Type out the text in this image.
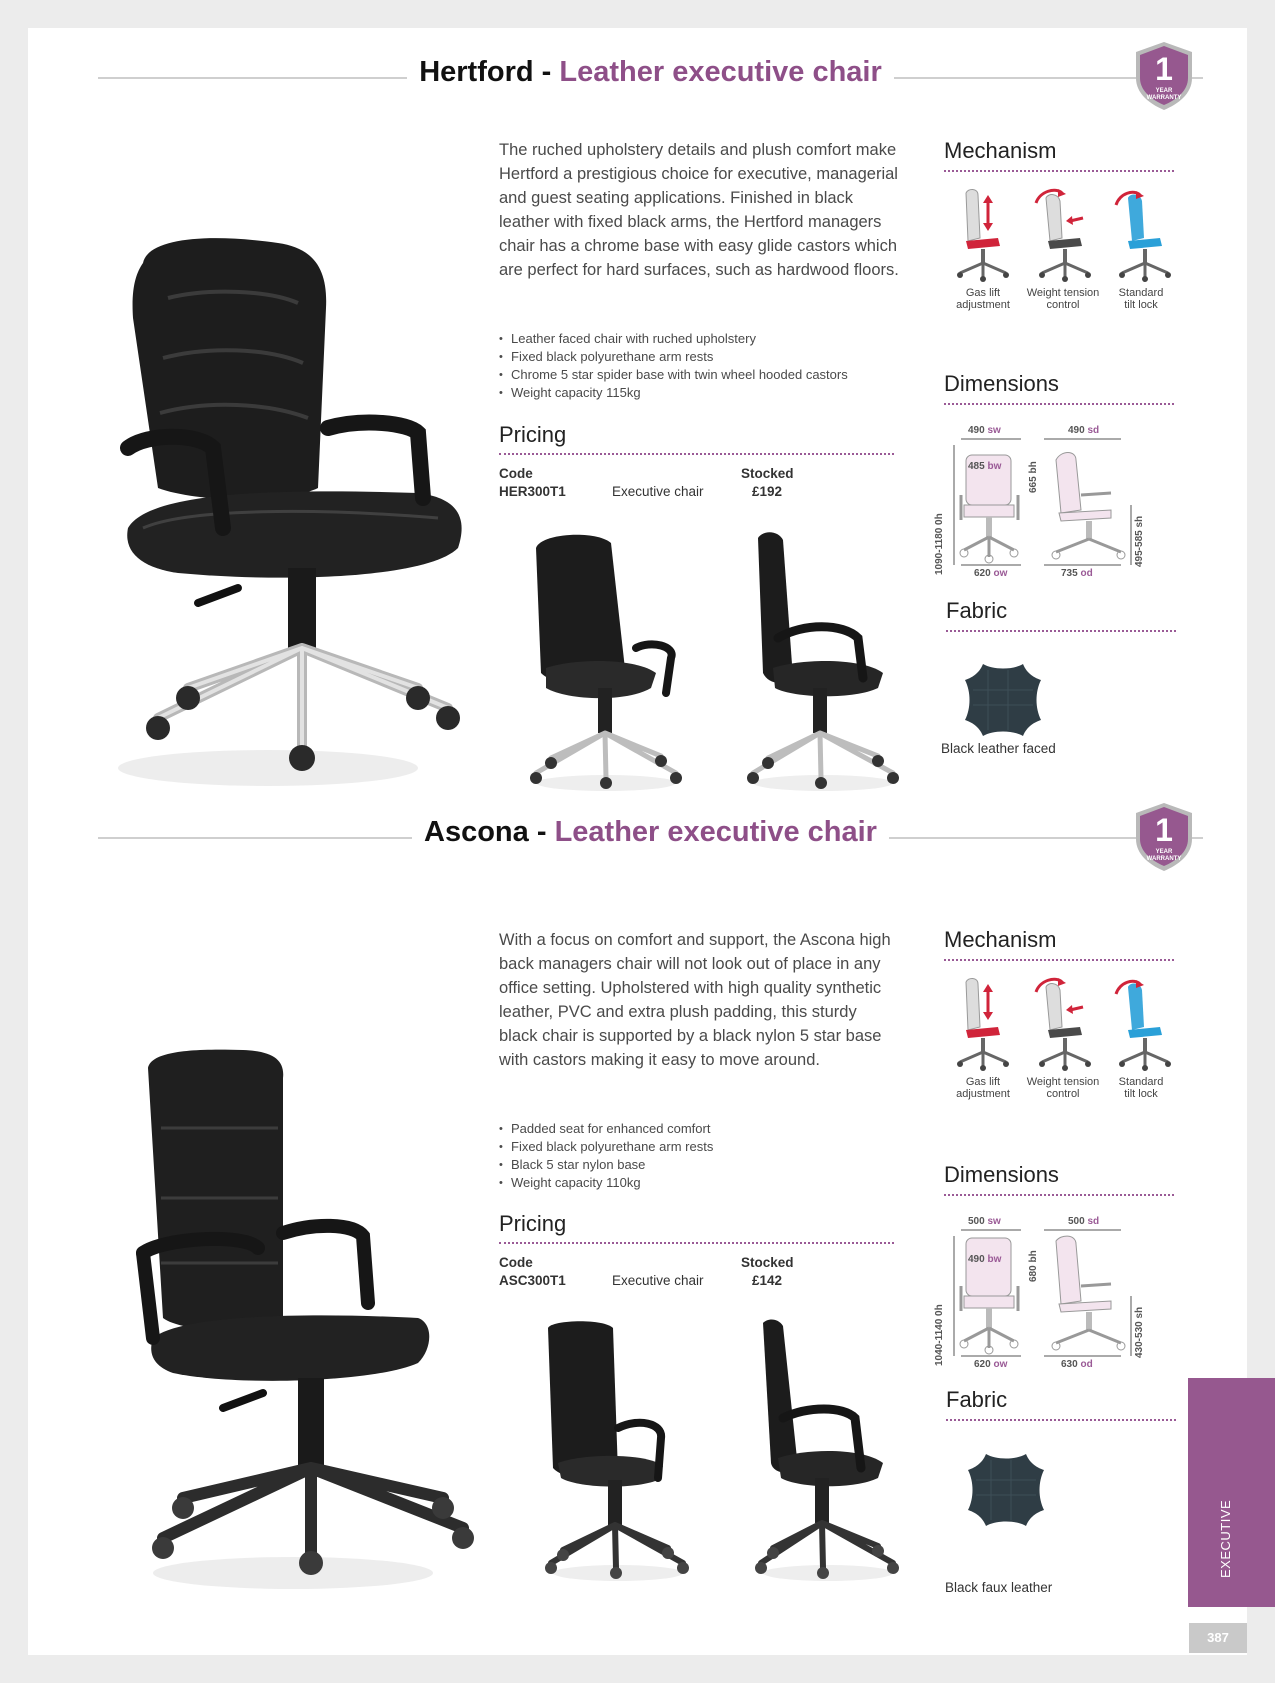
Hertford - Leather executive chair	1
YEAR
WARRANTY
The ruched upholstery details and plush comfort make Hertford a prestigious choice for executive, managerial and guest seating applications. Finished in black leather with fixed black arms, the Hertford managers chair has a chrome base with easy glide castors which are perfect for hard surfaces, such as hardwood floors.
• Leather faced chair with ruched upholstery
• Fixed black polyurethane arm rests
• Chrome 5 star spider base with twin wheel hooded castors
• Weight capacity 115kg
Pricing
Code	Stocked
HER300T1	Executive chair	£192
Mechanism
Gas lift
adjustment
Weight tension
control
Standard
tilt lock
Dimensions
490 sw	490 sd
485 bw
1090-1180 0h
665 bh
495-585 sh
620 ow	735 od
Fabric
Black leather faced
Ascona - Leather executive chair	1
YEAR
WARRANTY
With a focus on comfort and support, the Ascona high back managers chair will not look out of place in any office setting. Upholstered with high quality synthetic leather, PVC and extra plush padding, this sturdy black chair is supported by a black nylon 5 star base with castors making it easy to move around.
• Padded seat for enhanced comfort
• Fixed black polyurethane arm rests
• Black 5 star nylon base
• Weight capacity 110kg
Pricing
Code	Stocked
ASC300T1	Executive chair	£142
Mechanism
Gas lift
adjustment
Weight tension
control
Standard
tilt lock
Dimensions
500 sw	500 sd
490 bw
1040-1140 0h
680 bh
430-530 sh
620 ow	630 od
Fabric
Black faux leather
EXECUTIVE
387
